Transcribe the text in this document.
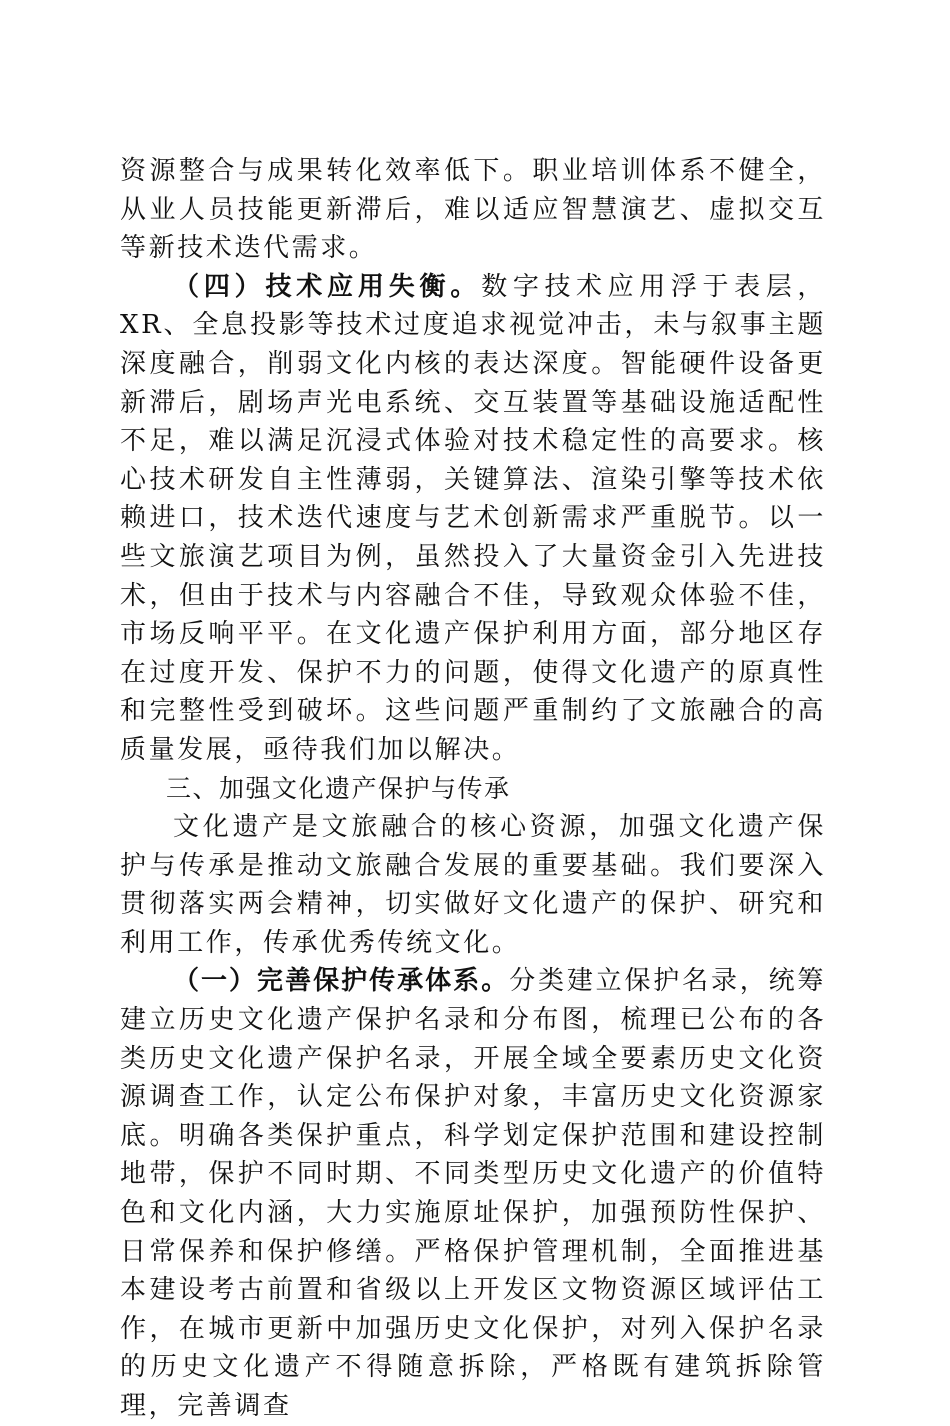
资源整合与成果转化效率低下。职业培训体系不健全，从业人员技能更新滞后，难以适应智慧演艺、虚拟交互等新技术迭代需求。

（四）技术应用失衡。数字技术应用浮于表层，XR、全息投影等技术过度追求视觉冲击，未与叙事主题深度融合，削弱文化内核的表达深度。智能硬件设备更新滞后，剧场声光电系统、交互装置等基础设施适配性不足，难以满足沉浸式体验对技术稳定性的高要求。核心技术研发自主性薄弱，关键算法、渲染引擎等技术依赖进口，技术迭代速度与艺术创新需求严重脱节。以一些文旅演艺项目为例，虽然投入了大量资金引入先进技术，但由于技术与内容融合不佳，导致观众体验不佳，市场反响平平。在文化遗产保护利用方面，部分地区存在过度开发、保护不力的问题，使得文化遗产的原真性和完整性受到破坏。这些问题严重制约了文旅融合的高质量发展，亟待我们加以解决。

三、加强文化遗产保护与传承

文化遗产是文旅融合的核心资源，加强文化遗产保护与传承是推动文旅融合发展的重要基础。我们要深入贯彻落实两会精神，切实做好文化遗产的保护、研究和利用工作，传承优秀传统文化。

（一）完善保护传承体系。分类建立保护名录，统筹建立历史文化遗产保护名录和分布图，梳理已公布的各类历史文化遗产保护名录，开展全域全要素历史文化资源调查工作，认定公布保护对象，丰富历史文化资源家底。明确各类保护重点，科学划定保护范围和建设控制地带，保护不同时期、不同类型历史文化遗产的价值特色和文化内涵，大力实施原址保护，加强预防性保护、日常保养和保护修缮。严格保护管理机制，全面推进基本建设考古前置和省级以上开发区文物资源区域评估工作，在城市更新中加强历史文化保护，对列入保护名录的历史文化遗产不得随意拆除，严格既有建筑拆除管理，完善调查
